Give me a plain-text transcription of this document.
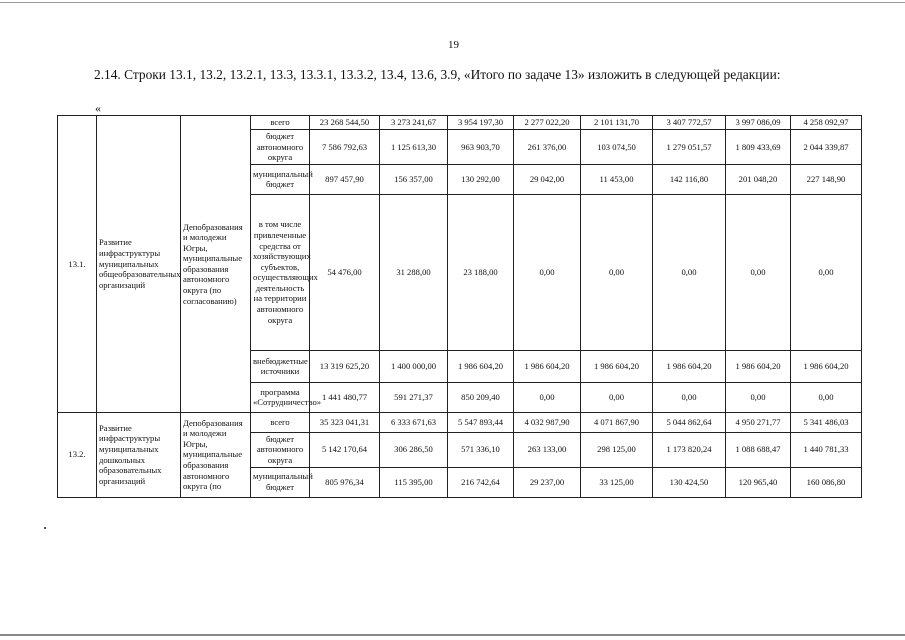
19
2.14. Строки 13.1, 13.2, 13.2.1, 13.3, 13.3.1, 13.3.2, 13.4, 13.6, 3.9, «Итого по задаче 13» изложить в следующей редакции:
«
13.1.	Развитие инфраструктуры муниципальных общеобразовательных организаций	Депобразования и молодежи Югры, муниципальные образования автономного округа (по согласованию)	всего	23 268 544,50	3 273 241,67	3 954 197,30	2 277 022,20	2 101 131,70	3 407 772,57	3 997 086,09	4 258 092,97
			бюджет автономного округа	7 586 792,63	1 125 613,30	963 903,70	261 376,00	103 074,50	1 279 051,57	1 809 433,69	2 044 339,87
			муниципальный бюджет	897 457,90	156 357,00	130 292,00	29 042,00	11 453,00	142 116,80	201 048,20	227 148,90
			в том числе привлеченные средства от хозяйствующих субъектов, осуществляющих деятельность на территории автономного округа	54 476,00	31 288,00	23 188,00	0,00	0,00	0,00	0,00	0,00
			внебюджетные источники	13 319 625,20	1 400 000,00	1 986 604,20	1 986 604,20	1 986 604,20	1 986 604,20	1 986 604,20	1 986 604,20
			программа «Сотрудничество»	1 441 480,77	591 271,37	850 209,40	0,00	0,00	0,00	0,00	0,00
13.2.	Развитие инфраструктуры муниципальных дошкольных образовательных организаций	Депобразования и молодежи Югры, муниципальные образования автономного округа (по	всего	35 323 041,31	6 333 671,63	5 547 893,44	4 032 987,90	4 071 867,90	5 044 862,64	4 950 271,77	5 341 486,03
			бюджет автономного округа	5 142 170,64	306 286,50	571 336,10	263 133,00	298 125,00	1 173 820,24	1 088 688,47	1 440 781,33
			муниципальный бюджет	805 976,34	115 395,00	216 742,64	29 237,00	33 125,00	130 424,50	120 965,40	160 086,80
